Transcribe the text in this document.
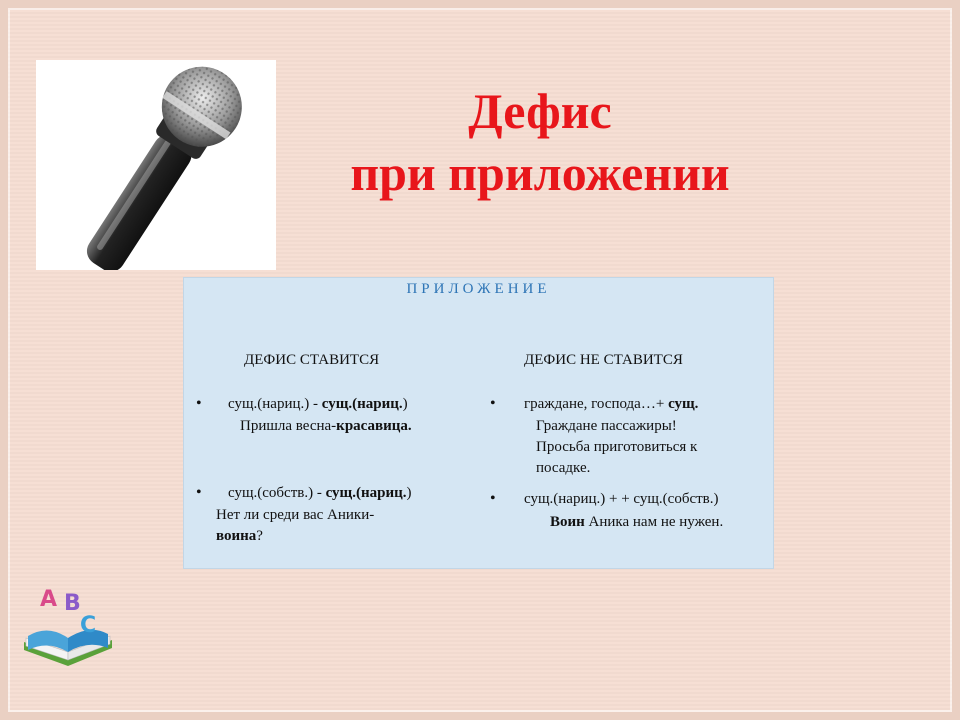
Дефис
при приложении
ПРИЛОЖЕНИЕ
ДЕФИС СТАВИТСЯ	ДЕФИС НЕ СТАВИТСЯ
• сущ.(нариц.) - сущ.(нариц.)
Пришла весна-красавица.
• сущ.(собств.) - сущ.(нариц.)
Нет ли среди вас Аники-
воина?
• граждане, господа…+ сущ.
Граждане пассажиры!
Просьба приготовиться к
посадке.
• сущ.(нариц.) + + сущ.(собств.)
Воин Аника нам не нужен.
A B
C
